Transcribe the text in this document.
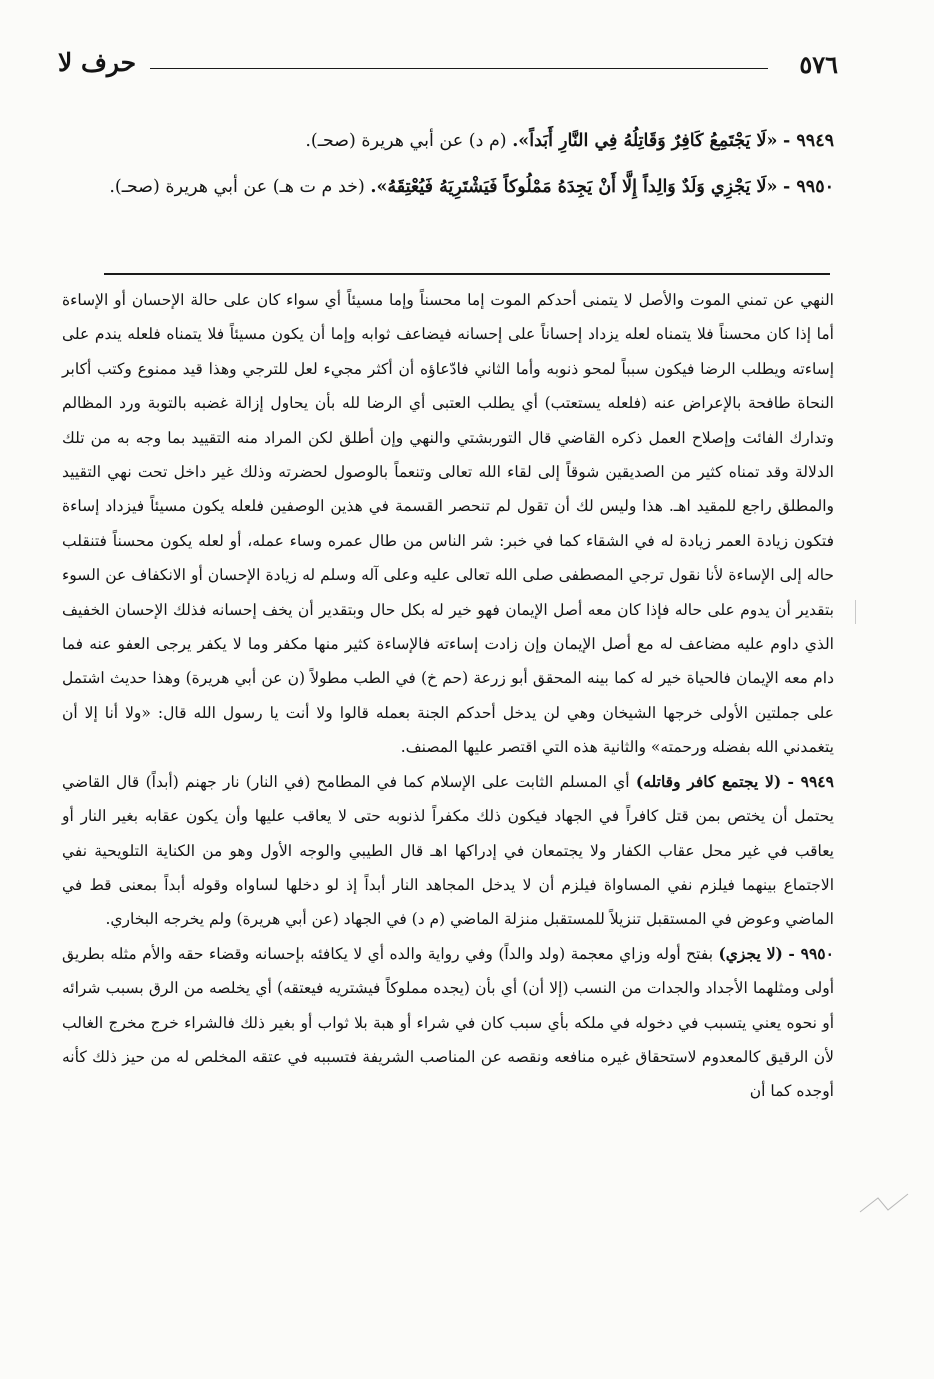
٥٧٦
حرف لا

٩٩٤٩ - «لَا يَجْتَمِعُ كَافِرٌ وَقَاتِلُهُ فِي النَّارِ أَبَداً». (م د) عن أبي هريرة (صحـ).

٩٩٥٠ - «لَا يَجْزِي وَلَدٌ وَالِداً إِلَّا أَنْ يَجِدَهُ مَمْلُوكاً فَيَشْتَرِيَهُ فَيُعْتِقَهُ». (خد م ت هـ) عن أبي هريرة (صحـ).

النهي عن تمني الموت والأصل لا يتمنى أحدكم الموت إما محسناً وإما مسيئاً أي سواء كان على حالة الإحسان أو الإساءة أما إذا كان محسناً فلا يتمناه لعله يزداد إحساناً على إحسانه فيضاعف ثوابه وإما أن يكون مسيئاً فلا يتمناه فلعله يندم على إساءته ويطلب الرضا فيكون سبباً لمحو ذنوبه وأما الثاني فادّعاؤه أن أكثر مجيء لعل للترجي وهذا قيد ممنوع وكتب أكابر النحاة طافحة بالإعراض عنه (فلعله يستعتب) أي يطلب العتبى أي الرضا لله بأن يحاول إزالة غضبه بالتوبة ورد المظالم وتدارك الفائت وإصلاح العمل ذكره القاضي قال التوربشتي والنهي وإن أطلق لكن المراد منه التقييد بما وجه به من تلك الدلالة وقد تمناه كثير من الصديقين شوقاً إلى لقاء الله تعالى وتنعماً بالوصول لحضرته وذلك غير داخل تحت نهي التقييد والمطلق راجع للمقيد اهـ. هذا وليس لك أن تقول لم تنحصر القسمة في هذين الوصفين فلعله يكون مسيئاً فيزداد إساءة فتكون زيادة العمر زيادة له في الشقاء كما في خبر: شر الناس من طال عمره وساء عمله، أو لعله يكون محسناً فتنقلب حاله إلى الإساءة لأنا نقول ترجي المصطفى صلى الله تعالى عليه وعلى آله وسلم له زيادة الإحسان أو الانكفاف عن السوء بتقدير أن يدوم على حاله فإذا كان معه أصل الإيمان فهو خير له بكل حال وبتقدير أن يخف إحسانه فذلك الإحسان الخفيف الذي داوم عليه مضاعف له مع أصل الإيمان وإن زادت إساءته فالإساءة كثير منها مكفر وما لا يكفر يرجى العفو عنه فما دام معه الإيمان فالحياة خير له كما بينه المحقق أبو زرعة (حم خ) في الطب مطولاً (ن عن أبي هريرة) وهذا حديث اشتمل على جملتين الأولى خرجها الشيخان وهي لن يدخل أحدكم الجنة بعمله قالوا ولا أنت يا رسول الله قال: «ولا أنا إلا أن يتغمدني الله بفضله ورحمته» والثانية هذه التي اقتصر عليها المصنف.

٩٩٤٩ - (لا يجتمع كافر وقاتله) أي المسلم الثابت على الإسلام كما في المطامح (في النار) نار جهنم (أبداً) قال القاضي يحتمل أن يختص بمن قتل كافراً في الجهاد فيكون ذلك مكفراً لذنوبه حتى لا يعاقب عليها وأن يكون عقابه بغير النار أو يعاقب في غير محل عقاب الكفار ولا يجتمعان في إدراكها اهـ قال الطيبي والوجه الأول وهو من الكناية التلويحية نفي الاجتماع بينهما فيلزم نفي المساواة فيلزم أن لا يدخل المجاهد النار أبداً إذ لو دخلها لساواه وقوله أبداً بمعنى قط في الماضي وعوض في المستقبل تنزيلاً للمستقبل منزلة الماضي (م د) في الجهاد (عن أبي هريرة) ولم يخرجه البخاري.

٩٩٥٠ - (لا يجزي) بفتح أوله وزاي معجمة (ولد والداً) وفي رواية والده أي لا يكافئه بإحسانه وقضاء حقه والأم مثله بطريق أولى ومثلهما الأجداد والجدات من النسب (إلا أن) أي بأن (يجده مملوكاً فيشتريه فيعتقه) أي يخلصه من الرق بسبب شرائه أو نحوه يعني يتسبب في دخوله في ملكه بأي سبب كان في شراء أو هبة بلا ثواب أو بغير ذلك فالشراء خرج مخرج الغالب لأن الرقيق كالمعدوم لاستحقاق غيره منافعه ونقصه عن المناصب الشريفة فتسببه في عتقه المخلص له من حيز ذلك كأنه أوجده كما أن
